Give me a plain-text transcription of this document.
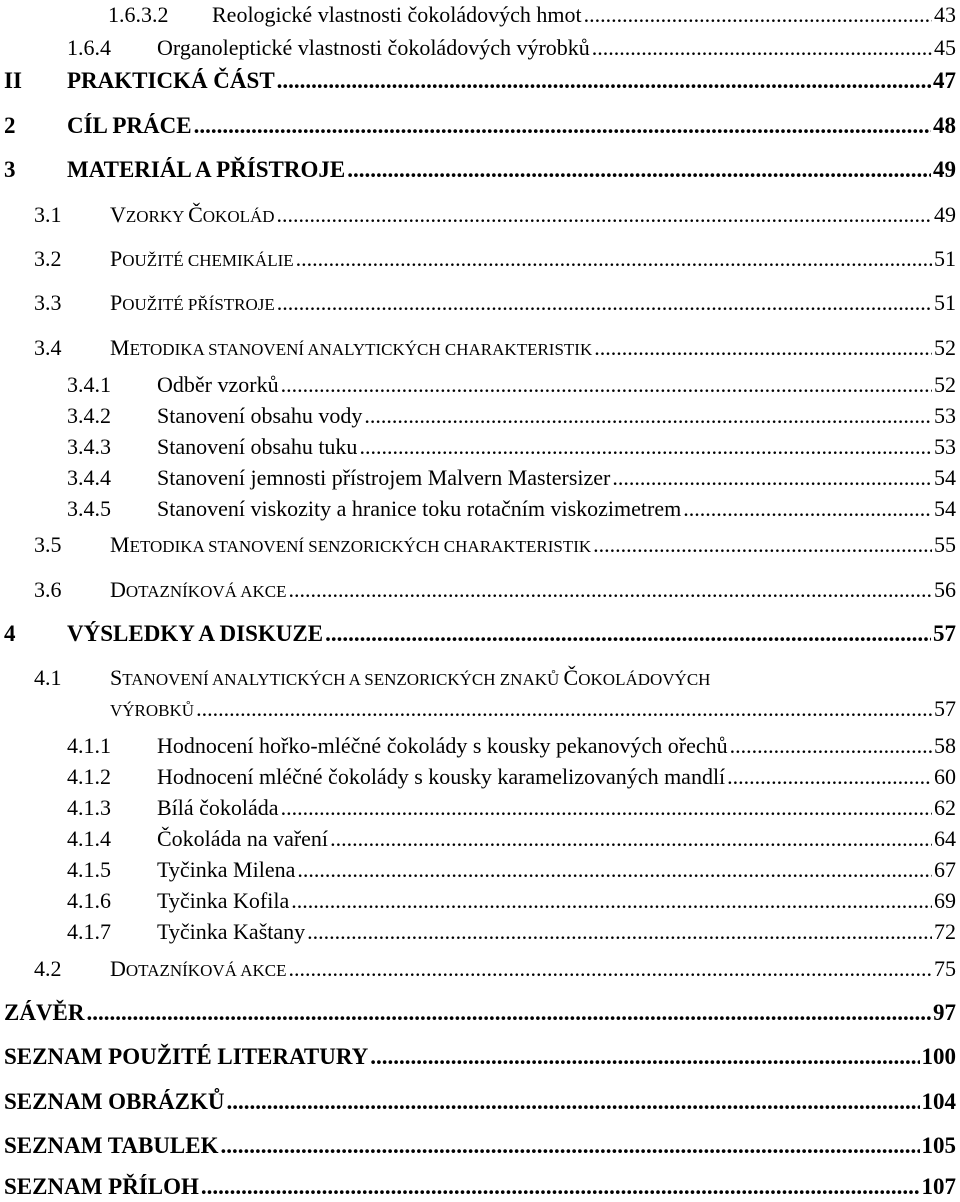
1.6.3.2	Reologické vlastnosti čokoládových hmot .....	43
1.6.4	Organoleptické vlastnosti čokoládových výrobků .....	45
II	PRAKTICKÁ ČÁST .....	47
2	CÍL PRÁCE .....	48
3	MATERIÁL A PŘÍSTROJE .....	49
3.1	VZORKY ČOKOLÁD .....	49
3.2	POUŽITÉ CHEMIKÁLIE .....	51
3.3	POUŽITÉ PŘÍSTROJE .....	51
3.4	METODIKA STANOVENÍ ANALYTICKÝCH CHARAKTERISTIK .....	52
3.4.1	Odběr vzorků .....	52
3.4.2	Stanovení obsahu vody .....	53
3.4.3	Stanovení obsahu tuku .....	53
3.4.4	Stanovení jemnosti přístrojem Malvern Mastersizer .....	54
3.4.5	Stanovení viskozity a hranice toku rotačním viskozimetrem .....	54
3.5	METODIKA STANOVENÍ SENZORICKÝCH CHARAKTERISTIK .....	55
3.6	DOTAZNÍKOVÁ AKCE .....	56
4	VÝSLEDKY A DISKUZE .....	57
4.1	STANOVENÍ ANALYTICKÝCH A SENZORICKÝCH ZNAKŮ ČOKOLÁDOVÝCH
VÝROBKŮ .....	57
4.1.1	Hodnocení hořko-mléčné čokolády s kousky pekanových ořechů .....	58
4.1.2	Hodnocení mléčné čokolády s kousky karamelizovaných mandlí .....	60
4.1.3	Bílá čokoláda .....	62
4.1.4	Čokoláda na vaření .....	64
4.1.5	Tyčinka Milena .....	67
4.1.6	Tyčinka Kofila .....	69
4.1.7	Tyčinka Kaštany .....	72
4.2	DOTAZNÍKOVÁ AKCE .....	75
ZÁVĚR .....	97
SEZNAM POUŽITÉ LITERATURY .....	100
SEZNAM OBRÁZKŮ .....	104
SEZNAM TABULEK .....	105
SEZNAM PŘÍLOH .....	107
